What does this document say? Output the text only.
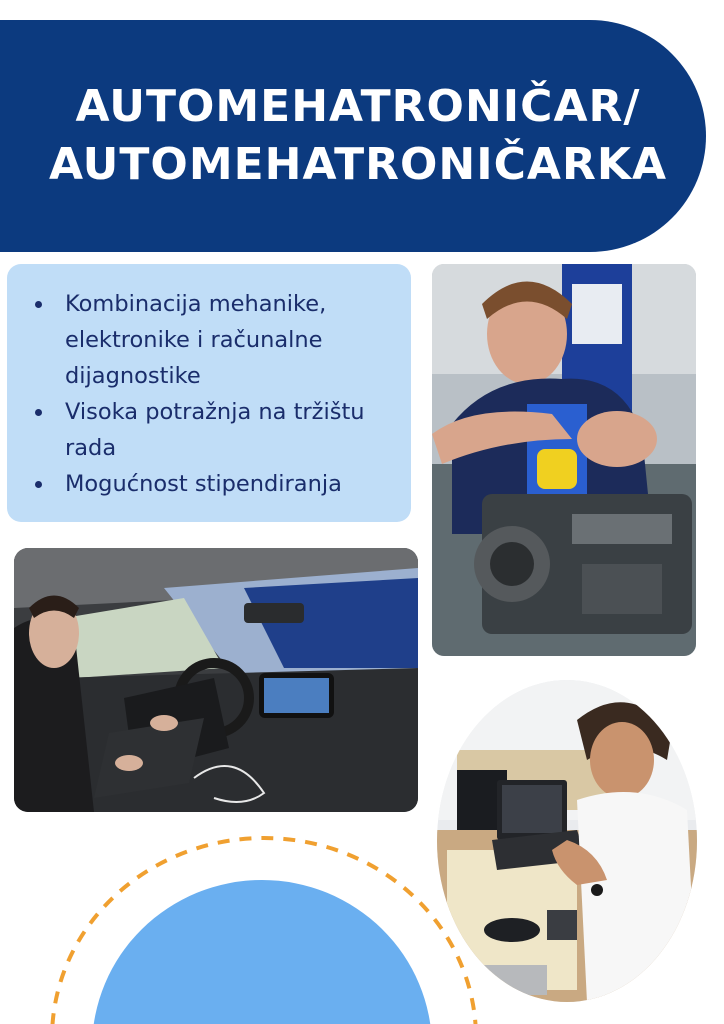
AUTOMEHATRONIČAR/
AUTOMEHATRONIČARKA
Kombinacija mehanike, elektronike i računalne dijagnostike
Visoka potražnja na tržištu rada
Mogućnost stipendiranja
